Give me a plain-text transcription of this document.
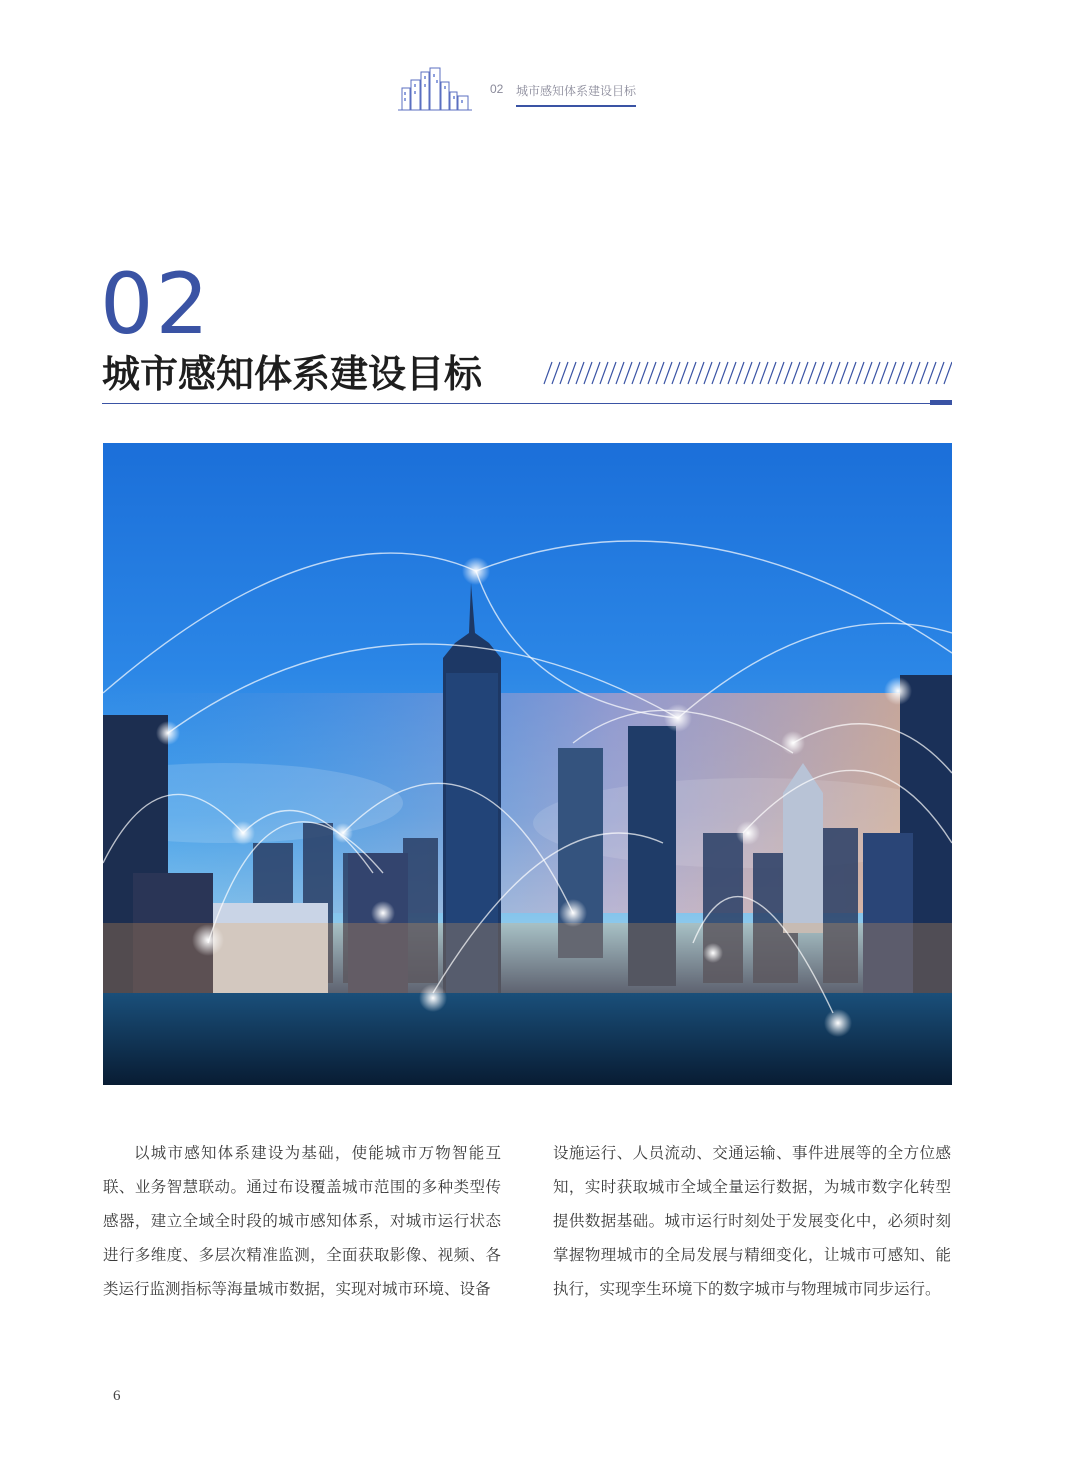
02 城市感知体系建设目标
02
城市感知体系建设目标

以城市感知体系建设为基础，使能城市万物智能互联、业务智慧联动。通过布设覆盖城市范围的多种类型传感器，建立全域全时段的城市感知体系，对城市运行状态进行多维度、多层次精准监测，全面获取影像、视频、各类运行监测指标等海量城市数据，实现对城市环境、设备

设施运行、人员流动、交通运输、事件进展等的全方位感知，实时获取城市全域全量运行数据，为城市数字化转型提供数据基础。城市运行时刻处于发展变化中，必须时刻掌握物理城市的全局发展与精细变化，让城市可感知、能执行，实现孪生环境下的数字城市与物理城市同步运行。

6
